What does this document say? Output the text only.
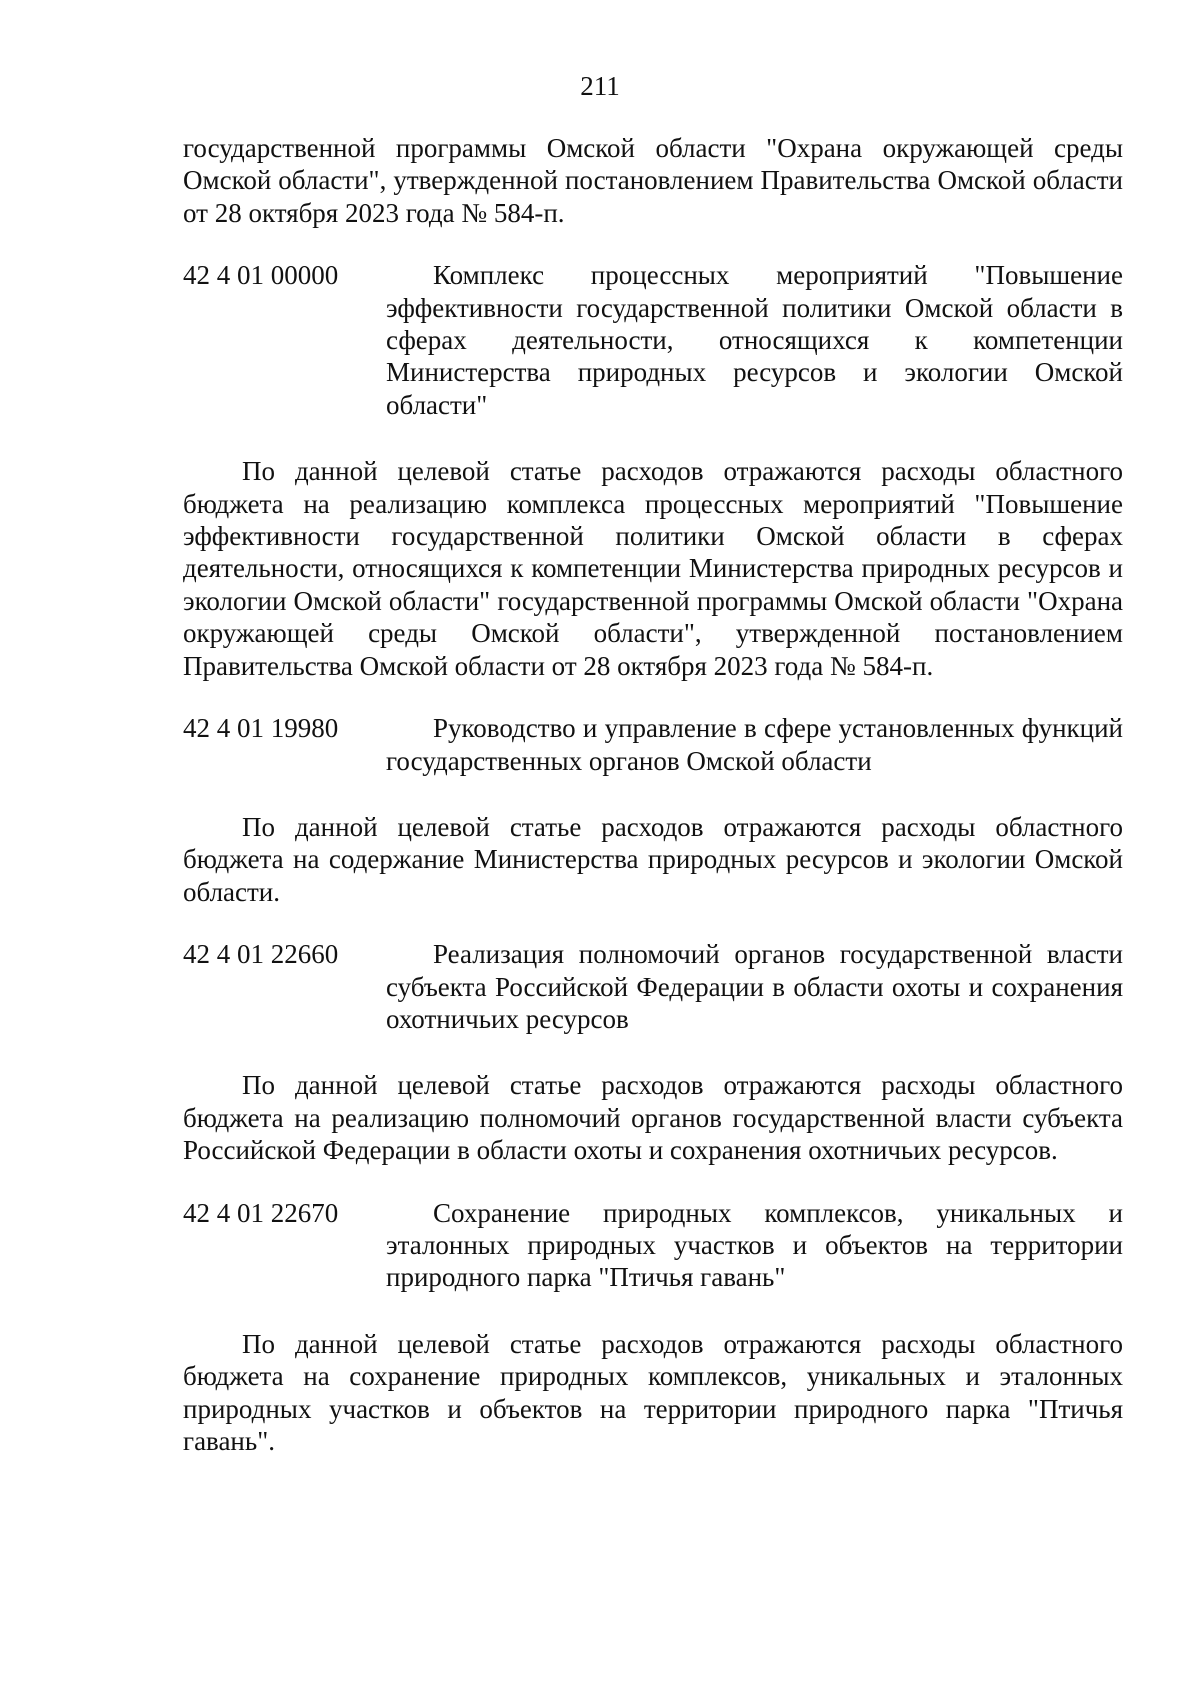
211

государственной программы Омской области "Охрана окружающей среды Омской области", утвержденной постановлением Правительства Омской области от 28 октября 2023 года № 584-п.

42 4 01 00000	Комплекс процессных мероприятий "Повышение эффективности государственной политики Омской области в сферах деятельности, относящихся к компетенции Министерства природных ресурсов и экологии Омской области"

По данной целевой статье расходов отражаются расходы областного бюджета на реализацию комплекса процессных мероприятий "Повышение эффективности государственной политики Омской области в сферах деятельности, относящихся к компетенции Министерства природных ресурсов и экологии Омской области" государственной программы Омской области "Охрана окружающей среды Омской области", утвержденной постановлением Правительства Омской области от 28 октября 2023 года № 584-п.

42 4 01 19980	Руководство и управление в сфере установленных функций государственных органов Омской области

По данной целевой статье расходов отражаются расходы областного бюджета на содержание Министерства природных ресурсов и экологии Омской области.

42 4 01 22660	Реализация полномочий органов государственной власти субъекта Российской Федерации в области охоты и сохранения охотничьих ресурсов

По данной целевой статье расходов отражаются расходы областного бюджета на реализацию полномочий органов государственной власти субъекта Российской Федерации в области охоты и сохранения охотничьих ресурсов.

42 4 01 22670	Сохранение природных комплексов, уникальных и эталонных природных участков и объектов на территории природного парка "Птичья гавань"

По данной целевой статье расходов отражаются расходы областного бюджета на сохранение природных комплексов, уникальных и эталонных природных участков и объектов на территории природного парка "Птичья гавань".
